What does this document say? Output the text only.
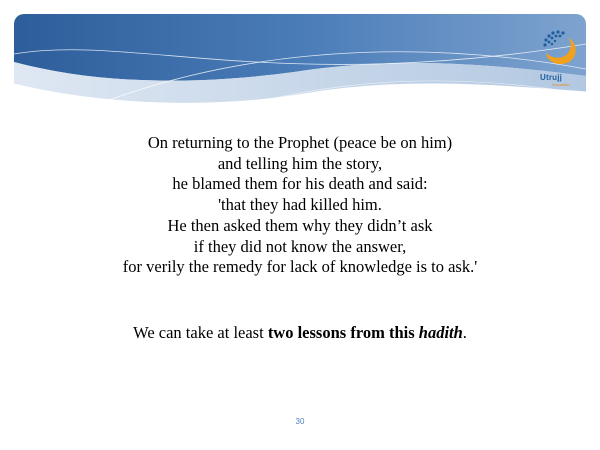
Utrujj
Foundation
On returning to the Prophet (peace be on him)
and telling him the story,
he blamed them for his death and said:
'that they had killed him.
He then asked them why they didn’t ask
if they did not know the answer,
for verily the remedy for lack of knowledge is to ask.'
We can take at least two lessons from this hadith.
30
